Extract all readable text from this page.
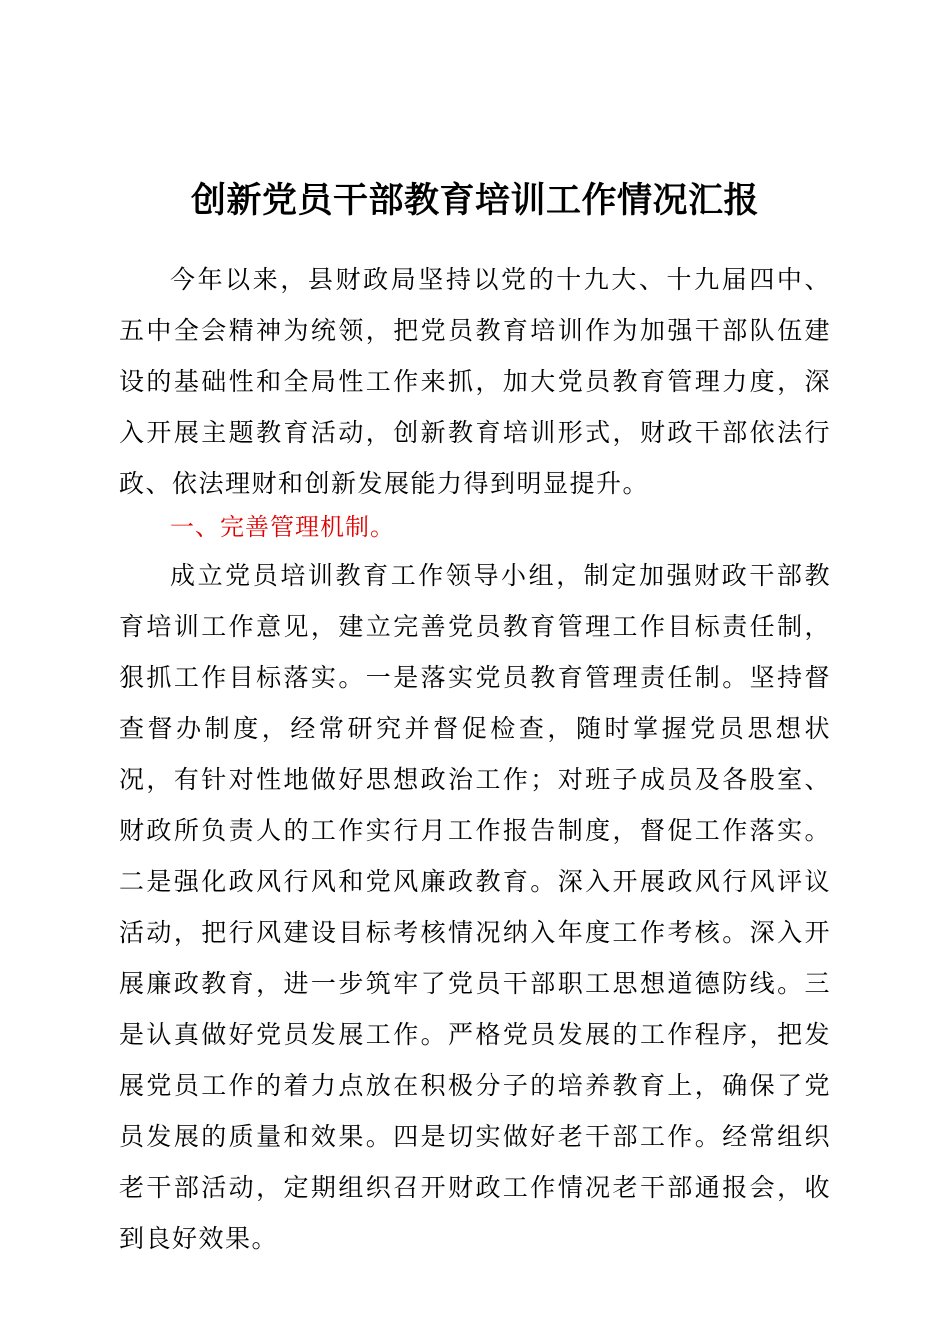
创新党员干部教育培训工作情况汇报

今年以来，县财政局坚持以党的十九大、十九届四中、五中全会精神为统领，把党员教育培训作为加强干部队伍建设的基础性和全局性工作来抓，加大党员教育管理力度，深入开展主题教育活动，创新教育培训形式，财政干部依法行政、依法理财和创新发展能力得到明显提升。

一、完善管理机制。

成立党员培训教育工作领导小组，制定加强财政干部教育培训工作意见，建立完善党员教育管理工作目标责任制，狠抓工作目标落实。一是落实党员教育管理责任制。坚持督查督办制度，经常研究并督促检查，随时掌握党员思想状况，有针对性地做好思想政治工作；对班子成员及各股室、财政所负责人的工作实行月工作报告制度，督促工作落实。二是强化政风行风和党风廉政教育。深入开展政风行风评议活动，把行风建设目标考核情况纳入年度工作考核。深入开展廉政教育，进一步筑牢了党员干部职工思想道德防线。三是认真做好党员发展工作。严格党员发展的工作程序，把发展党员工作的着力点放在积极分子的培养教育上，确保了党员发展的质量和效果。四是切实做好老干部工作。经常组织老干部活动，定期组织召开财政工作情况老干部通报会，收到良好效果。
